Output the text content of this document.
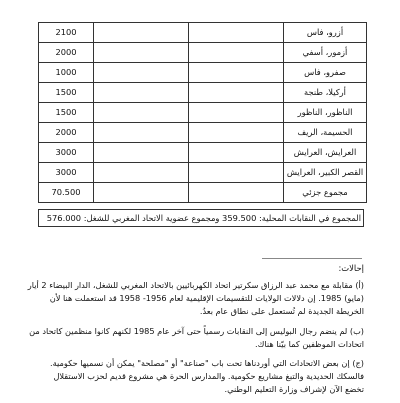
2100			أزرو، فاس
2000			أزمور، أسفي
1000			صفرو، فاس
1500			أركيلا، طنجة
1500			الناظور، الناظور
2000			الحسيمة، الريف
3000			العرايش، العرايش
3000			القصر الكبير، العرايش
70.500			مجموع جزئي
المجموع في النقابات المحلية: 359.500 ومجموع عضوية الاتحاد المغربي للشغل: 576.000
إحالات:
(أ) مقابلة مع محمد عبد الرزاق سكرتير اتحاد الكهربائيين بالاتحاد المغربي للشغل، الدار البيضاء 2 أيار
(مايو) 1985. إن دلالات الولايات للتقسيمات الإقليمية لعام 1956- 1958 قد استعملت هنا لأن
الخريطة الجديدة لم تُستعمل على نطاق عام بعدُ.
(ب) لم ينضم رجال البوليس إلى النقابات رسمياً حتى آخر عام 1985 لكنهم كانوا منظمين كاتحاد من
اتحادات الموظفين كما بيّنا هناك.
(ج) إن بعض الاتحادات التي أوردناها تحت باب "صناعة" أو "مصلحة" يمكن أن نسميها حكومية.
فالسكك الحديدية والتبغ مشاريع حكومية. والمدارس الحرة هي مشروع قديم لحزب الاستقلال
تخضع الآن لإشراف وزارة التعليم الوطني.
